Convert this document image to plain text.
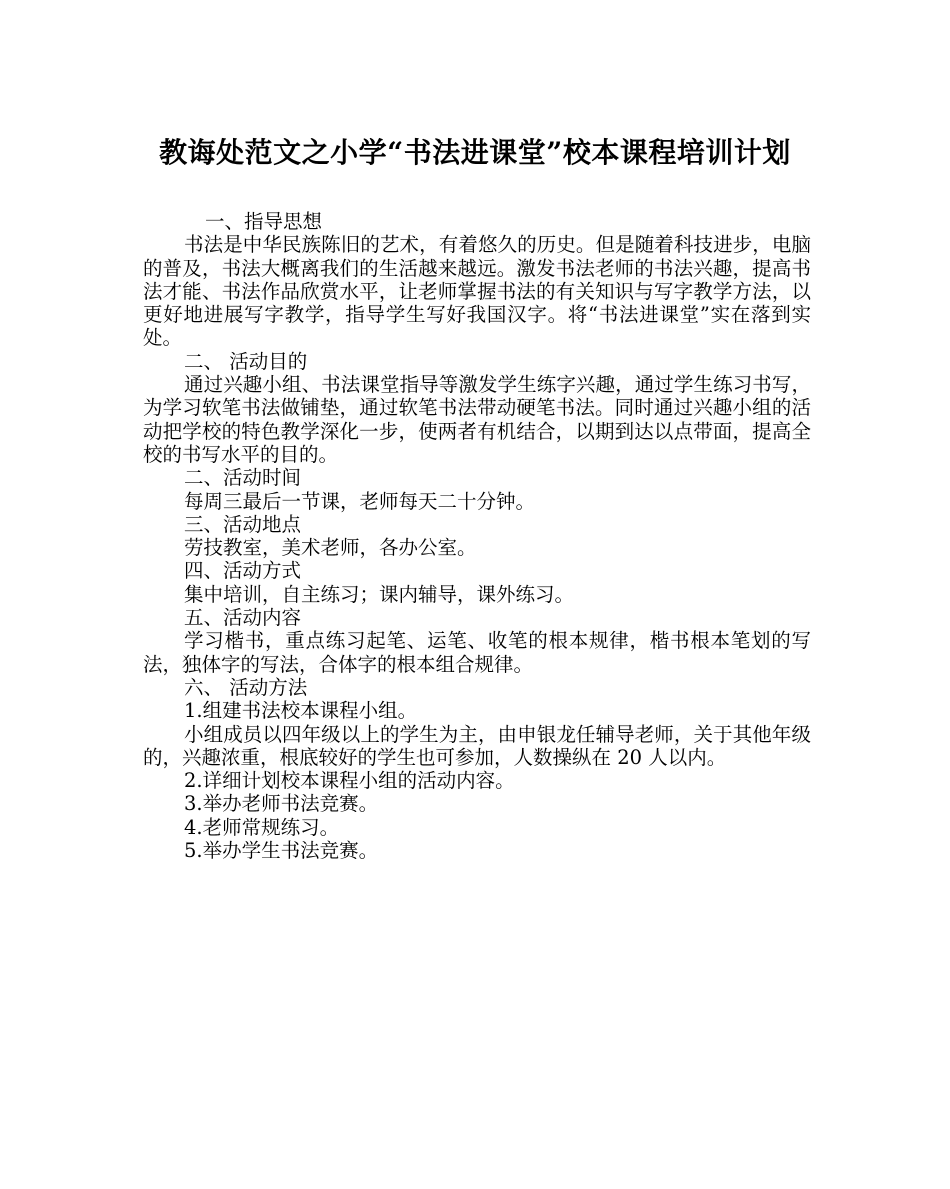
教诲处范文之小学“书法进课堂”校本课程培训计划

一、指导思想

书法是中华民族陈旧的艺术，有着悠久的历史。但是随着科技进步，电脑的普及，书法大概离我们的生活越来越远。激发书法老师的书法兴趣，提高书法才能、书法作品欣赏水平，让老师掌握书法的有关知识与写字教学方法，以更好地进展写字教学，指导学生写好我国汉字。将“书法进课堂”实在落到实处。

二、 活动目的

通过兴趣小组、书法课堂指导等激发学生练字兴趣，通过学生练习书写，为学习软笔书法做铺垫，通过软笔书法带动硬笔书法。同时通过兴趣小组的活动把学校的特色教学深化一步，使两者有机结合，以期到达以点带面，提高全校的书写水平的目的。

二、活动时间

每周三最后一节课，老师每天二十分钟。

三、活动地点

劳技教室，美术老师，各办公室。

四、活动方式

集中培训，自主练习；课内辅导，课外练习。

五、活动内容

学习楷书，重点练习起笔、运笔、收笔的根本规律，楷书根本笔划的写法，独体字的写法，合体字的根本组合规律。

六、 活动方法

1.组建书法校本课程小组。

小组成员以四年级以上的学生为主，由申银龙任辅导老师，关于其他年级的，兴趣浓重，根底较好的学生也可参加，人数操纵在 20 人以内。

2.详细计划校本课程小组的活动内容。

3.举办老师书法竞赛。

4.老师常规练习。

5.举办学生书法竞赛。
